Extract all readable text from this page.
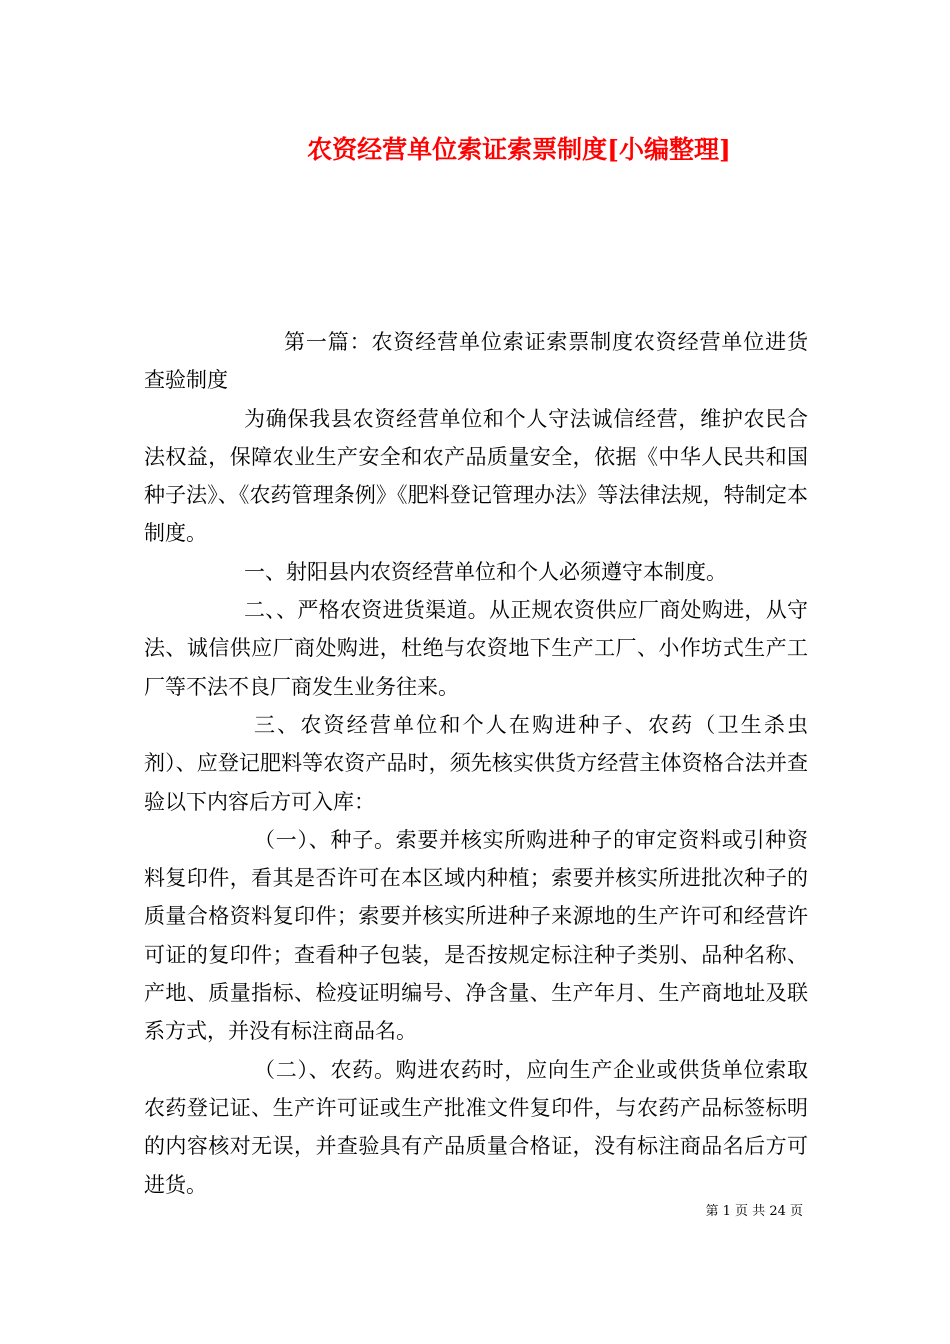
农资经营单位索证索票制度[小编整理]

第一篇：农资经营单位索证索票制度农资经营单位进货查验制度

为确保我县农资经营单位和个人守法诚信经营，维护农民合法权益，保障农业生产安全和农产品质量安全，依据《中华人民共和国种子法》、《农药管理条例》《肥料登记管理办法》等法律法规，特制定本制度。

一、射阳县内农资经营单位和个人必须遵守本制度。

二、、严格农资进货渠道。从正规农资供应厂商处购进，从守法、诚信供应厂商处购进，杜绝与农资地下生产工厂、小作坊式生产工厂等不法不良厂商发生业务往来。

三、农资经营单位和个人在购进种子、农药（卫生杀虫剂）、应登记肥料等农资产品时，须先核实供货方经营主体资格合法并查验以下内容后方可入库：

（一）、种子。索要并核实所购进种子的审定资料或引种资料复印件，看其是否许可在本区域内种植；索要并核实所进批次种子的质量合格资料复印件；索要并核实所进种子来源地的生产许可和经营许可证的复印件；查看种子包装，是否按规定标注种子类别、品种名称、产地、质量指标、检疫证明编号、净含量、生产年月、生产商地址及联系方式，并没有标注商品名。

（二）、农药。购进农药时，应向生产企业或供货单位索取农药登记证、生产许可证或生产批准文件复印件，与农药产品标签标明的内容核对无误，并查验具有产品质量合格证，没有标注商品名后方可进货。

第 1 页 共 24 页
